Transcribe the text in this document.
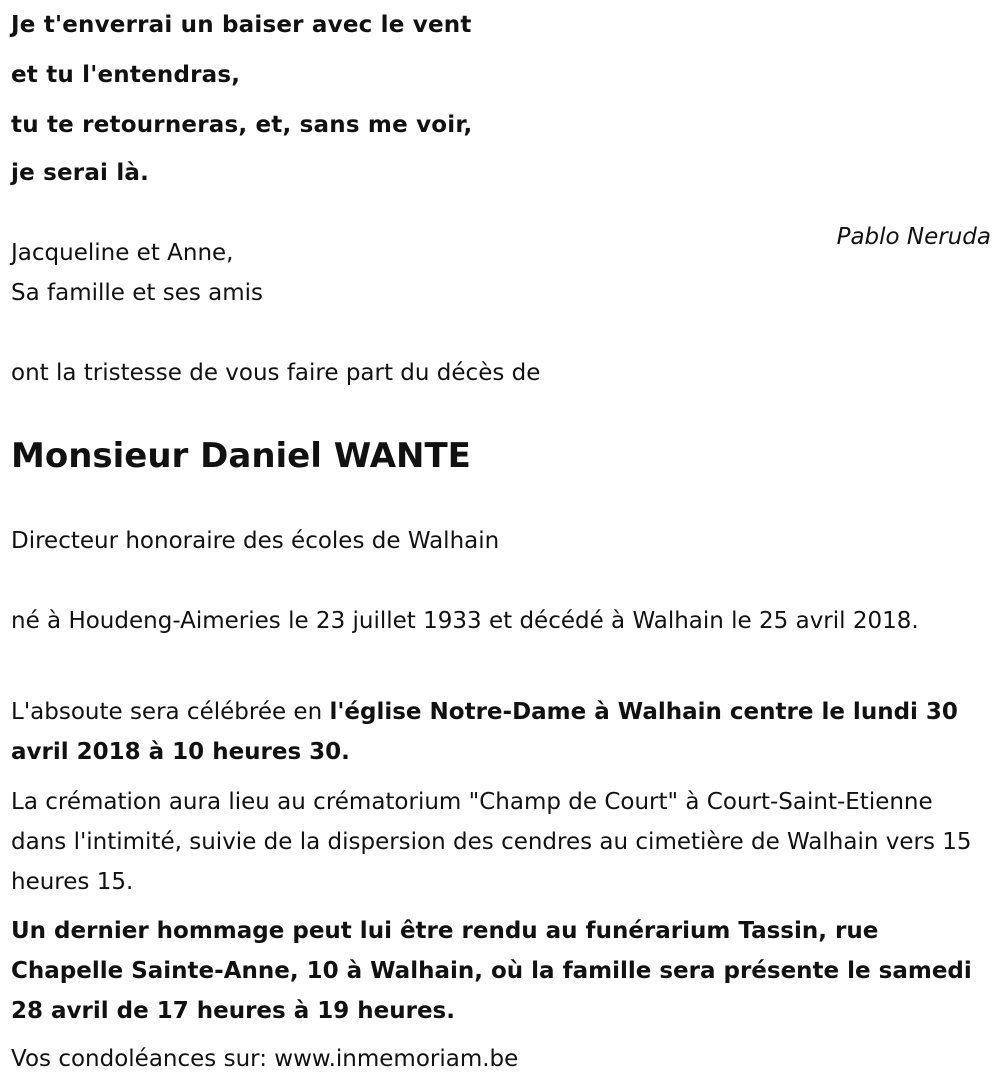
Je t'enverrai un baiser avec le vent
et tu l'entendras,
tu te retourneras, et, sans me voir,
je serai là.
Pablo Neruda
Jacqueline et Anne,
Sa famille et ses amis
ont la tristesse de vous faire part du décès de
Monsieur Daniel WANTE
Directeur honoraire des écoles de Walhain
né à Houdeng-Aimeries le 23 juillet 1933 et décédé à Walhain le 25 avril 2018.
L'absoute sera célébrée en l'église Notre-Dame à Walhain centre le lundi 30 avril 2018 à 10 heures 30.
La crémation aura lieu au crématorium "Champ de Court" à Court-Saint-Etienne dans l'intimité, suivie de la dispersion des cendres au cimetière de Walhain vers 15 heures 15.
Un dernier hommage peut lui être rendu au funérarium Tassin, rue Chapelle Sainte-Anne, 10 à Walhain, où la famille sera présente le samedi 28 avril de 17 heures à 19 heures.
Vos condoléances sur: www.inmemoriam.be
